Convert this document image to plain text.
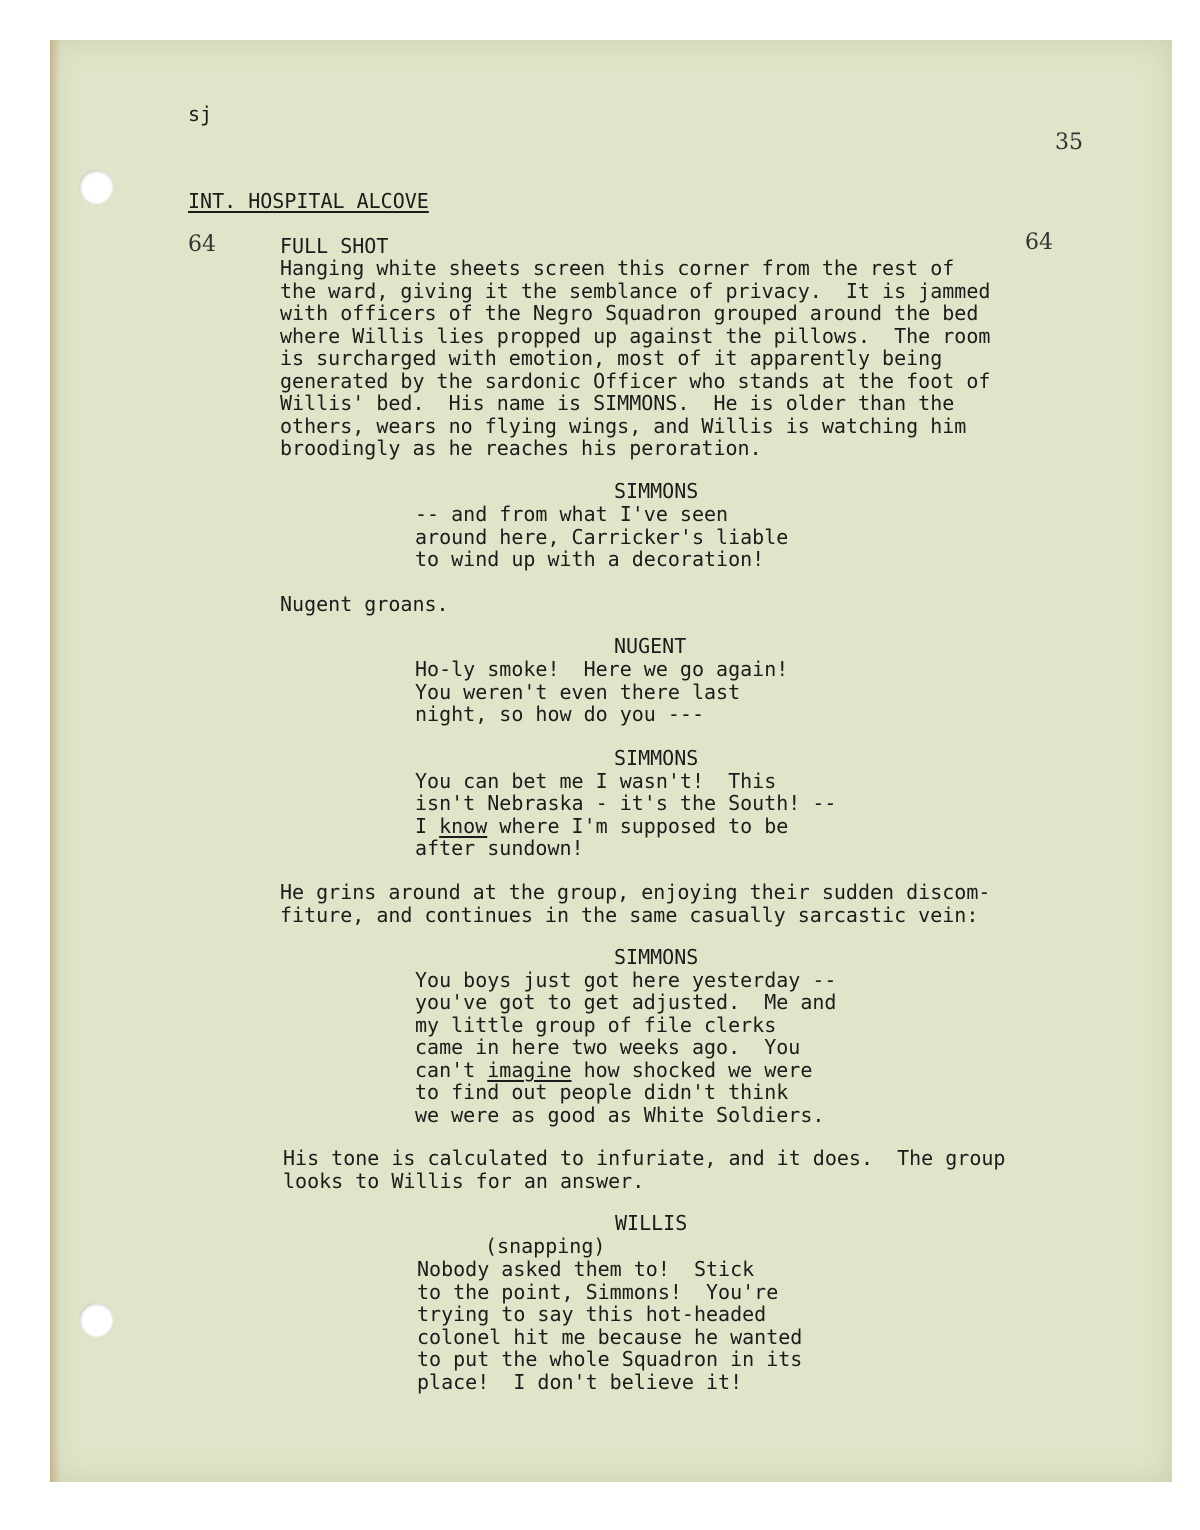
sj
35
INT. HOSPITAL ALCOVE
64	64
FULL SHOT
Hanging white sheets screen this corner from the rest of
the ward, giving it the semblance of privacy.  It is jammed
with officers of the Negro Squadron grouped around the bed
where Willis lies propped up against the pillows.  The room
is surcharged with emotion, most of it apparently being
generated by the sardonic Officer who stands at the foot of
Willis' bed.  His name is SIMMONS.  He is older than the
others, wears no flying wings, and Willis is watching him
broodingly as he reaches his peroration.
SIMMONS
-- and from what I've seen
around here, Carricker's liable
to wind up with a decoration!
Nugent groans.
NUGENT
Ho-ly smoke!  Here we go again!
You weren't even there last
night, so how do you ---
SIMMONS
You can bet me I wasn't!  This
isn't Nebraska - it's the South! --
I know where I'm supposed to be
after sundown!
He grins around at the group, enjoying their sudden discom-
fiture, and continues in the same casually sarcastic vein:
SIMMONS
You boys just got here yesterday --
you've got to get adjusted.  Me and
my little group of file clerks
came in here two weeks ago.  You
can't imagine how shocked we were
to find out people didn't think
we were as good as White Soldiers.
His tone is calculated to infuriate, and it does.  The group
looks to Willis for an answer.
WILLIS
(snapping)
Nobody asked them to!  Stick
to the point, Simmons!  You're
trying to say this hot-headed
colonel hit me because he wanted
to put the whole Squadron in its
place!  I don't believe it!
